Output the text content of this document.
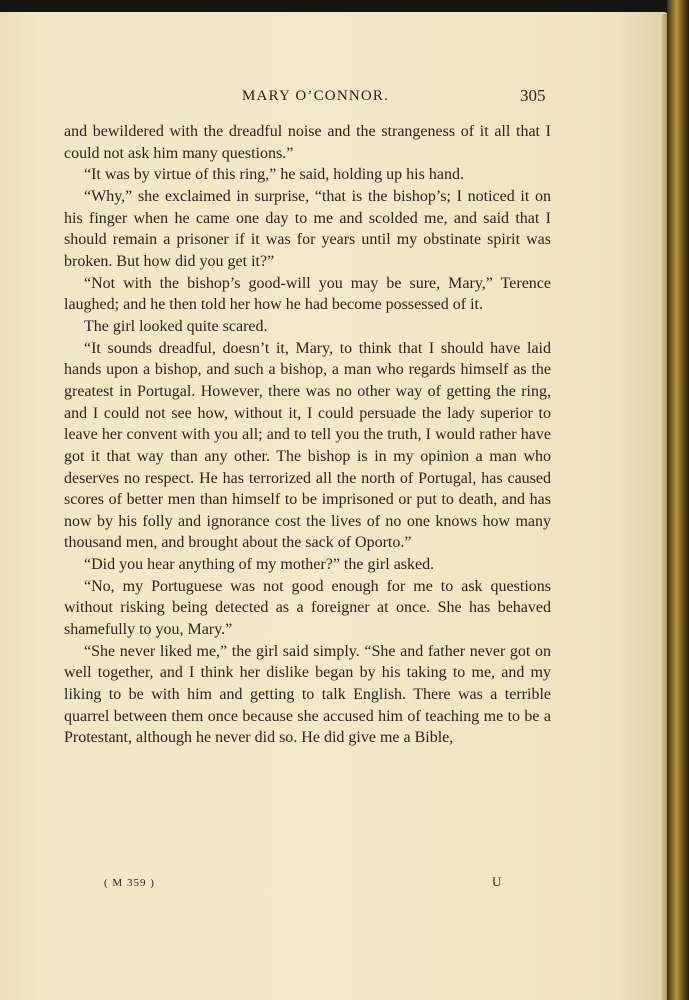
MARY O’CONNOR.	305

and bewildered with the dreadful noise and the strangeness of it all that I could not ask him many questions.”

“It was by virtue of this ring,” he said, holding up his hand.

“Why,” she exclaimed in surprise, “that is the bishop’s; I noticed it on his finger when he came one day to me and scolded me, and said that I should remain a prisoner if it was for years until my obstinate spirit was broken. But how did you get it?”

“Not with the bishop’s good-will you may be sure, Mary,” Terence laughed; and he then told her how he had become possessed of it.

The girl looked quite scared.

“It sounds dreadful, doesn’t it, Mary, to think that I should have laid hands upon a bishop, and such a bishop, a man who regards himself as the greatest in Portugal. However, there was no other way of getting the ring, and I could not see how, without it, I could persuade the lady superior to leave her convent with you all; and to tell you the truth, I would rather have got it that way than any other. The bishop is in my opinion a man who deserves no respect. He has terrorized all the north of Portugal, has caused scores of better men than himself to be imprisoned or put to death, and has now by his folly and ignorance cost the lives of no one knows how many thousand men, and brought about the sack of Oporto.”

“Did you hear anything of my mother?” the girl asked.

“No, my Portuguese was not good enough for me to ask questions without risking being detected as a foreigner at once. She has behaved shamefully to you, Mary.”

“She never liked me,” the girl said simply. “She and father never got on well together, and I think her dislike began by his taking to me, and my liking to be with him and getting to talk English. There was a terrible quarrel between them once because she accused him of teaching me to be a Protestant, although he never did so. He did give me a Bible,

( M 359 )	U
